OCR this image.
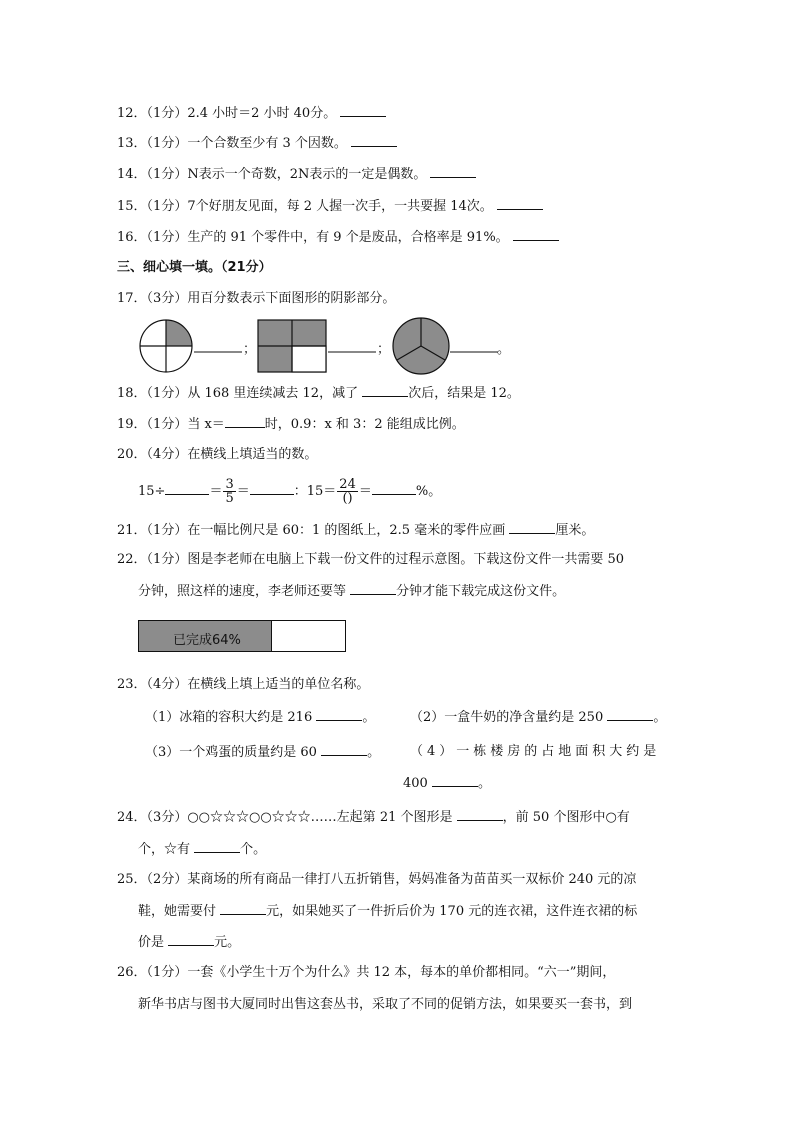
12．（1分）2.4 小时＝2 小时 40分。
13．（1分）一个合数至少有 3 个因数。
14．（1分）N表示一个奇数，2N表示的一定是偶数。
15．（1分）7个好朋友见面，每 2 人握一次手，一共要握 14次。
16．（1分）生产的 91 个零件中，有 9 个是废品，合格率是 91%。
三、细心填一填。（21分）
17．（3分）用百分数表示下面图形的阴影部分。
；	；	。
18．（1分）从 168 里连续减去 12，减了	次后，结果是 12。
19．（1分）当 x＝	时，0.9：x 和 3：2 能组成比例。
20．（4分）在横线上填适当的数。
15÷	＝ $\frac{3}{5}$ ＝	：$15= \frac{24}{()}$ ＝	%。
21．（1分）在一幅比例尺是 60：1 的图纸上，2.5 毫米的零件应画	厘米。
22．（1分）图是李老师在电脑上下载一份文件的过程示意图。下载这份文件一共需要 50
分钟，照这样的速度，李老师还要等	分钟才能下载完成这份文件。
已完成64%
23．（4分）在横线上填上适当的单位名称。
（1）冰箱的容积大约是 216	。	（2）一盒牛奶的净含量约是 250	。
（3）一个鸡蛋的质量约是 60	。 （4）一栋楼房的占地面积大约是
400	。
24．（3分）○○☆☆☆○○☆☆☆……左起第 21 个图形是	，前 50 个图形中○有
个，☆有	个。
25．（2分）某商场的所有商品一律打八五折销售，妈妈准备为苗苗买一双标价 240 元的凉
鞋，她需要付	元，如果她买了一件折后价为 170 元的连衣裙，这件连衣裙的标
价是	元。
26．（1分）一套《小学生十万个为什么》共 12 本，每本的单价都相同。“六一”期间，
新华书店与图书大厦同时出售这套丛书，采取了不同的促销方法，如果要买一套书，到
